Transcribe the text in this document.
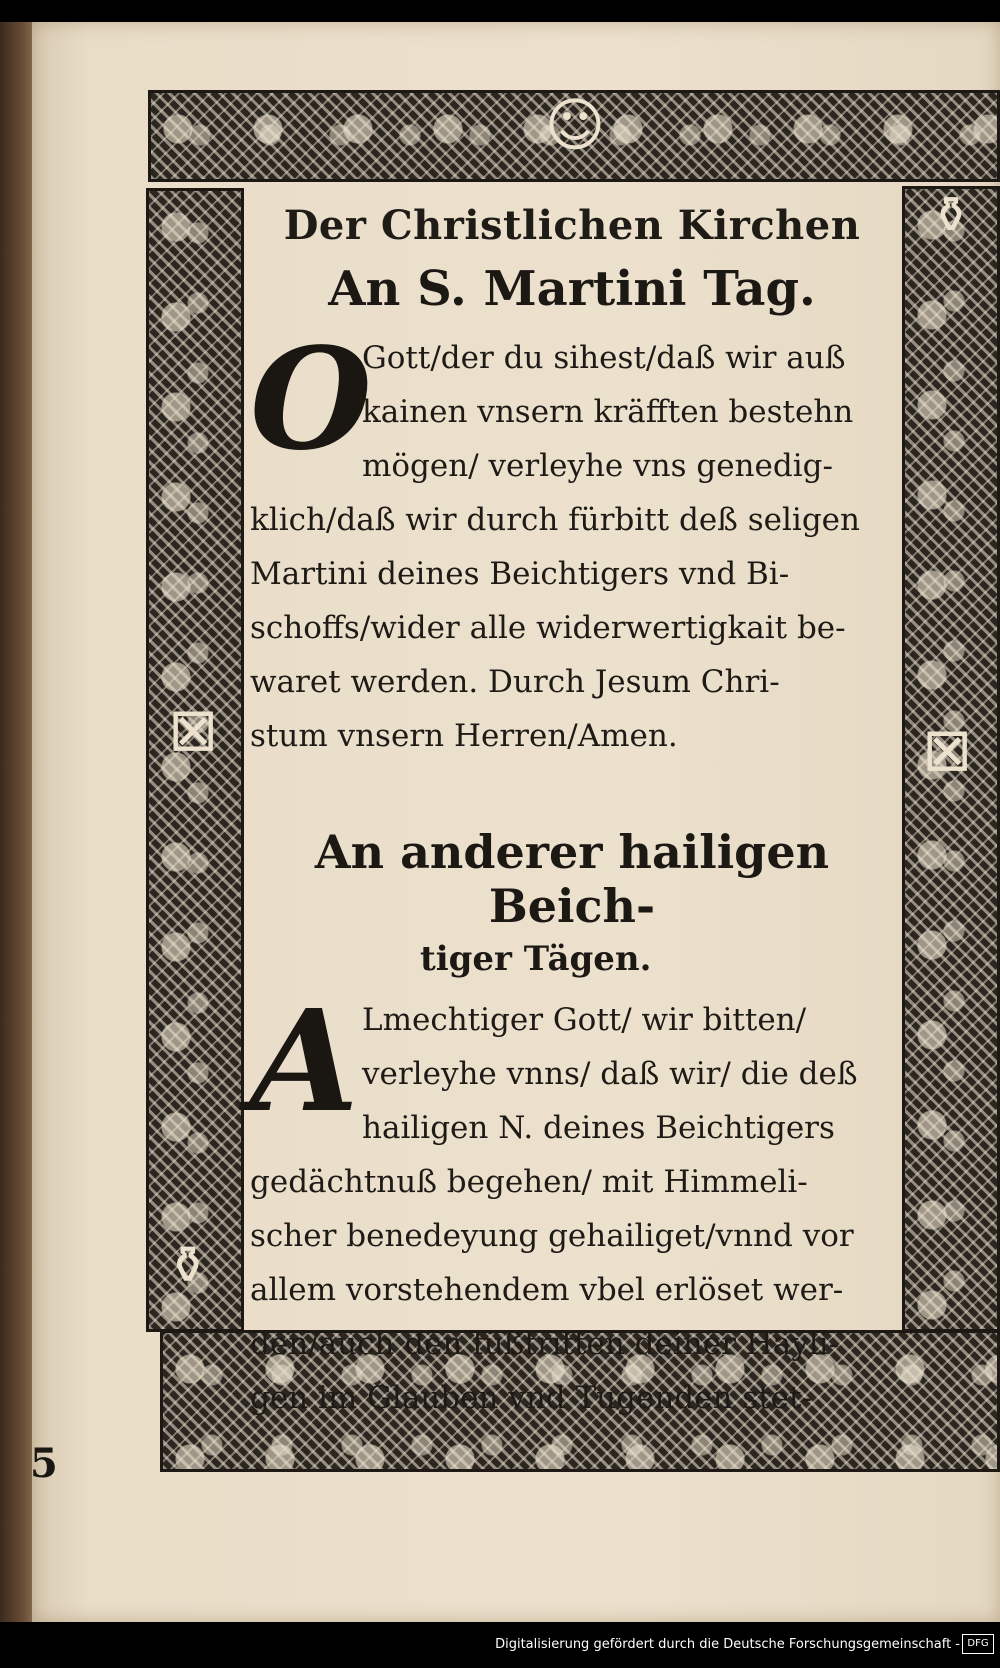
☺
⊠	⊠
⚱
⚱
Der Christlichen Kirchen
An S. Martini Tag.
O
Gott/der du sihest/daß wir auß
kainen vnsern kräfften bestehn
mögen/ verleyhe vns genedig-
klich/daß wir durch fürbitt deß seligen
Martini deines Beichtigers vnd Bi-
schoffs/wider alle widerwertigkait be-
waret werden. Durch Jesum Chri-
stum vnsern Herren/Amen.
An anderer hailigen Beich-
tiger Tägen.
A Lmechtiger Gott/ wir bitten/
verleyhe vnns/ daß wir/ die deß
hailigen N. deines Beichtigers
gedächtnuß begehen/ mit Himmeli-
scher benedeyung gehailiget/vnnd vor
allem vorstehendem vbel erlöset wer-
den/auch den füßtritten deiner Hayli-
gen im Glauben vnd Tugenden stet-
5
Digitalisierung gefördert durch die Deutsche Forschungsgemeinschaft - DFG
